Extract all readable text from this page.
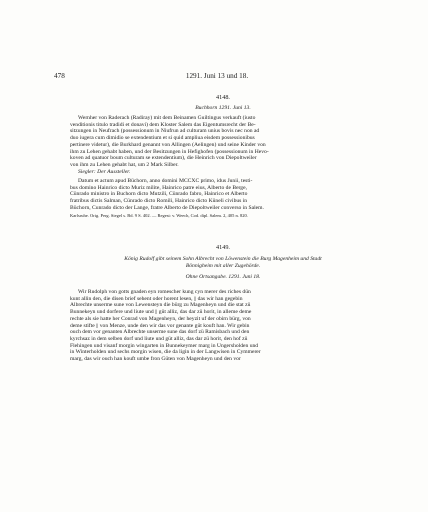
478	1291. Juni 13 und 18.
4148.
Buchhorn 1291. Juni 13.
Wernher von Raderach (Radiray) mit dem Beinamen Guiltingus verkauft (iusto
venditionis titulo tradidi et donavi) dem Kloster Salem das Eigentumsrecht der Be-
sitzungen in Neufrach (possessionum in Niufrun ad culturam unius bovis nec non ad
duo iugera cum dimidio se extendentium et si quid ampliua eisdem possessionibus
pertinere videtur), die Burkhard genannt von Allingen (Aelingen) und seine Kinder von
ihm zu Lehen gehabt haben, und der Besitzungen in Hefighofen (possessionum in Hevo-
koven ad quatuor boum culturam se extendentium), die Heinrich von Diepoltweiler
von ihm zu Lehen gehabt hat, um 2 Mark Silber.
Siegler: Der Aussteller.
Datum et actum apud Büchorn, anno domini MCCXC primo, idus Junii, testi-
bus domino Hainrico dicto Muriz milite, Hainrico patre eius, Alberto de Berge,
Cünrado ministro in Buchorn dicto Mutzili, Cünrado fabro, Hainrico et Alberto
fratribus dictis Salman, Cünrado dicto Romili, Hainrico dicto Küneli civibus in
Büchorn, Cunrado dicto der Lange, fratre Alberto de Diepoltweiler converso in Salem.
Karlsruhe. Orig. Perg. Siegel s. Bd. 9 S. 402. — Regest: v. Weech, Cod. dipl. Salem. 2, 405 n. 820.
4149.
König Rudolf gibt seinem Sohn Albrecht von Löwenstein die Burg Magenheim und Stadt
Bönnigheim mit aller Zugehörde.
Ohne Ortsangabe. 1291. Juni 18.
Wir Rudolph von gotts gnaden eyn romescher kung cyn merer des riches dün
kunt allin den, die disen brief sehent oder horent lesen, || das wir han gegebin
Albrechte unserme sune von Lewensteyn die bürg zu Magenheyn und die stat zü
Bunnekeyn und dorfere und liute und || güt alliz, das dar zü horit, in alleme deme
rechte als sie hatte her Conrad von Magenheyn, der heyzit uf der obirn bürg, von
deme stifte || von Menze, unde den wir das vor genante güt kouft han. Wir gebin
ouch dem vor genanten Albrechte unserme sune das dorf zü Ramisbach und den
kyrchsaz in dem selben dorf und liute und güt alliz, das dar zü horit, den hof zü
Flehingen und visanf morgin wingarten in Bunnekeymer marg in Ungersholden und
in Winterholden und sechs morgin wisen, die da ligin in der Langwisen in Cymmerer
marg, das wir ouch han kouft umbe fron Güten von Magenheyn und den vor
